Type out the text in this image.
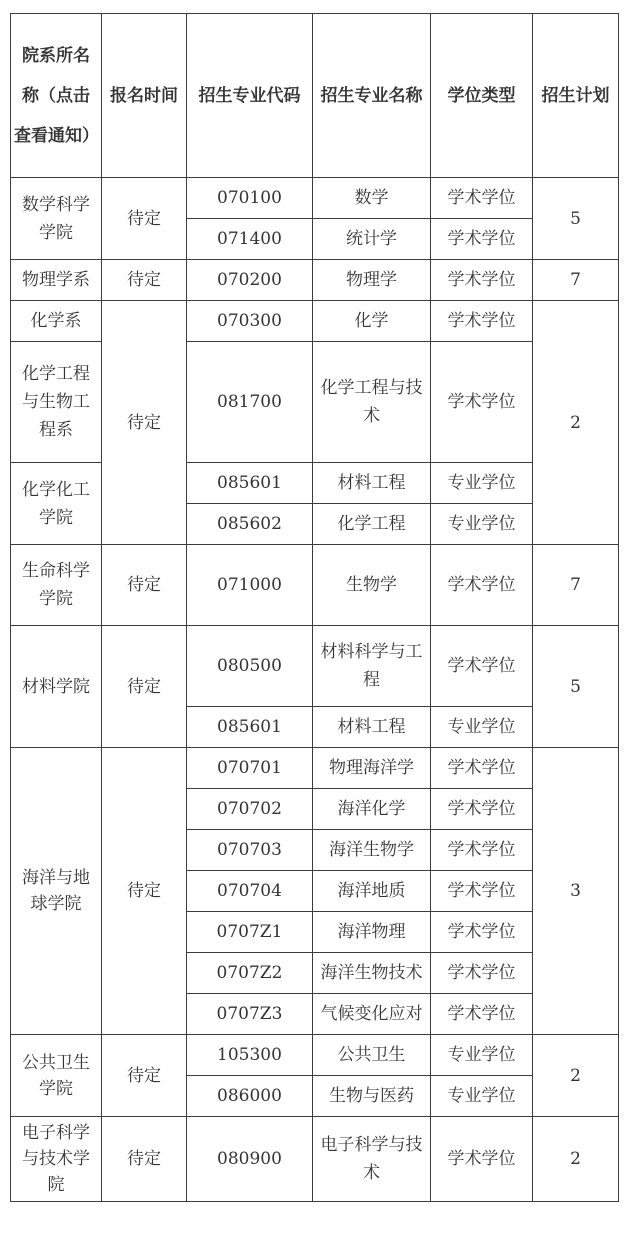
院系所名称（点击查看通知）	报名时间	招生专业代码	招生专业名称	学位类型	招生计划
数学科学学院	待定	070100	数学	学术学位	5
		071400	统计学	学术学位	
物理学系	待定	070200	物理学	学术学位	7
化学系	待定	070300	化学	学术学位	2
化学工程与生物工程系		081700	化学工程与技术	学术学位	
化学化工学院		085601	材料工程	专业学位	
		085602	化学工程	专业学位	
生命科学学院	待定	071000	生物学	学术学位	7
材料学院	待定	080500	材料科学与工程	学术学位	5
		085601	材料工程	专业学位	
海洋与地球学院	待定	070701	物理海洋学	学术学位	3
		070702	海洋化学	学术学位	
		070703	海洋生物学	学术学位	
		070704	海洋地质	学术学位	
		0707Z1	海洋物理	学术学位	
		0707Z2	海洋生物技术	学术学位	
		0707Z3	气候变化应对	学术学位	
公共卫生学院	待定	105300	公共卫生	专业学位	2
		086000	生物与医药	专业学位	
电子科学与技术学院	待定	080900	电子科学与技术	学术学位	2
